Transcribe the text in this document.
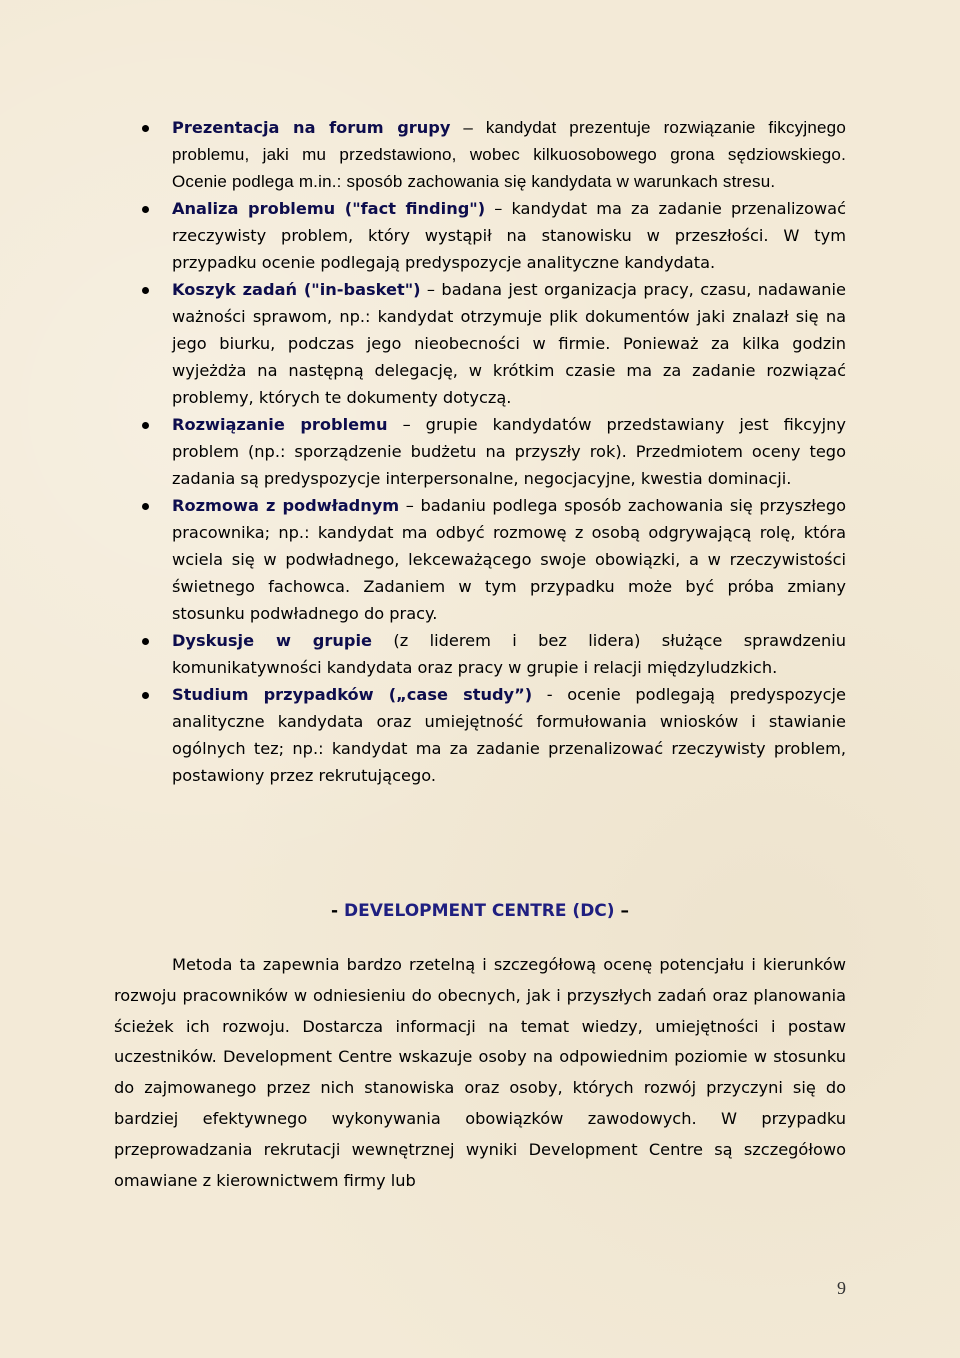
Prezentacja na forum grupy – kandydat prezentuje rozwiązanie fikcyjnego problemu, jaki mu przedstawiono, wobec kilkuosobowego grona sędziowskiego. Ocenie podlega m.in.: sposób zachowania się kandydata w warunkach stresu.
Analiza problemu ("fact finding") – kandydat ma za zadanie przenalizować rzeczywisty problem, który wystąpił na stanowisku w przeszłości. W tym przypadku ocenie podlegają predyspozycje analityczne kandydata.
Koszyk zadań ("in-basket") – badana jest organizacja pracy, czasu, nadawanie ważności sprawom, np.: kandydat otrzymuje plik dokumentów jaki znalazł się na jego biurku, podczas jego nieobecności w firmie. Ponieważ za kilka godzin wyjeżdża na następną delegację, w krótkim czasie ma za zadanie rozwiązać problemy, których te dokumenty dotyczą.
Rozwiązanie problemu – grupie kandydatów przedstawiany jest fikcyjny problem (np.: sporządzenie budżetu na przyszły rok). Przedmiotem oceny tego zadania są predyspozycje interpersonalne, negocjacyjne, kwestia dominacji.
Rozmowa z podwładnym – badaniu podlega sposób zachowania się przyszłego pracownika; np.: kandydat ma odbyć rozmowę z osobą odgrywającą rolę, która wciela się w podwładnego, lekceważącego swoje obowiązki, a w rzeczywistości świetnego fachowca. Zadaniem w tym przypadku może być próba zmiany stosunku podwładnego do pracy.
Dyskusje w grupie (z liderem i bez lidera) służące sprawdzeniu komunikatywności kandydata oraz pracy w grupie i relacji międzyludzkich.
Studium przypadków („case study”) - ocenie podlegają predyspozycje analityczne kandydata oraz umiejętność formułowania wniosków i stawianie ogólnych tez; np.: kandydat ma za zadanie przenalizować rzeczywisty problem, postawiony przez rekrutującego.
- DEVELOPMENT CENTRE (DC) –

Metoda ta zapewnia bardzo rzetelną i szczegółową ocenę potencjału i kierunków rozwoju pracowników w odniesieniu do obecnych, jak i przyszłych zadań oraz planowania ścieżek ich rozwoju. Dostarcza informacji na temat wiedzy, umiejętności i postaw uczestników. Development Centre wskazuje osoby na odpowiednim poziomie w stosunku do zajmowanego przez nich stanowiska oraz osoby, których rozwój przyczyni się do bardziej efektywnego wykonywania obowiązków zawodowych. W przypadku przeprowadzania rekrutacji wewnętrznej wyniki Development Centre są szczegółowo omawiane z kierownictwem firmy lub

9
